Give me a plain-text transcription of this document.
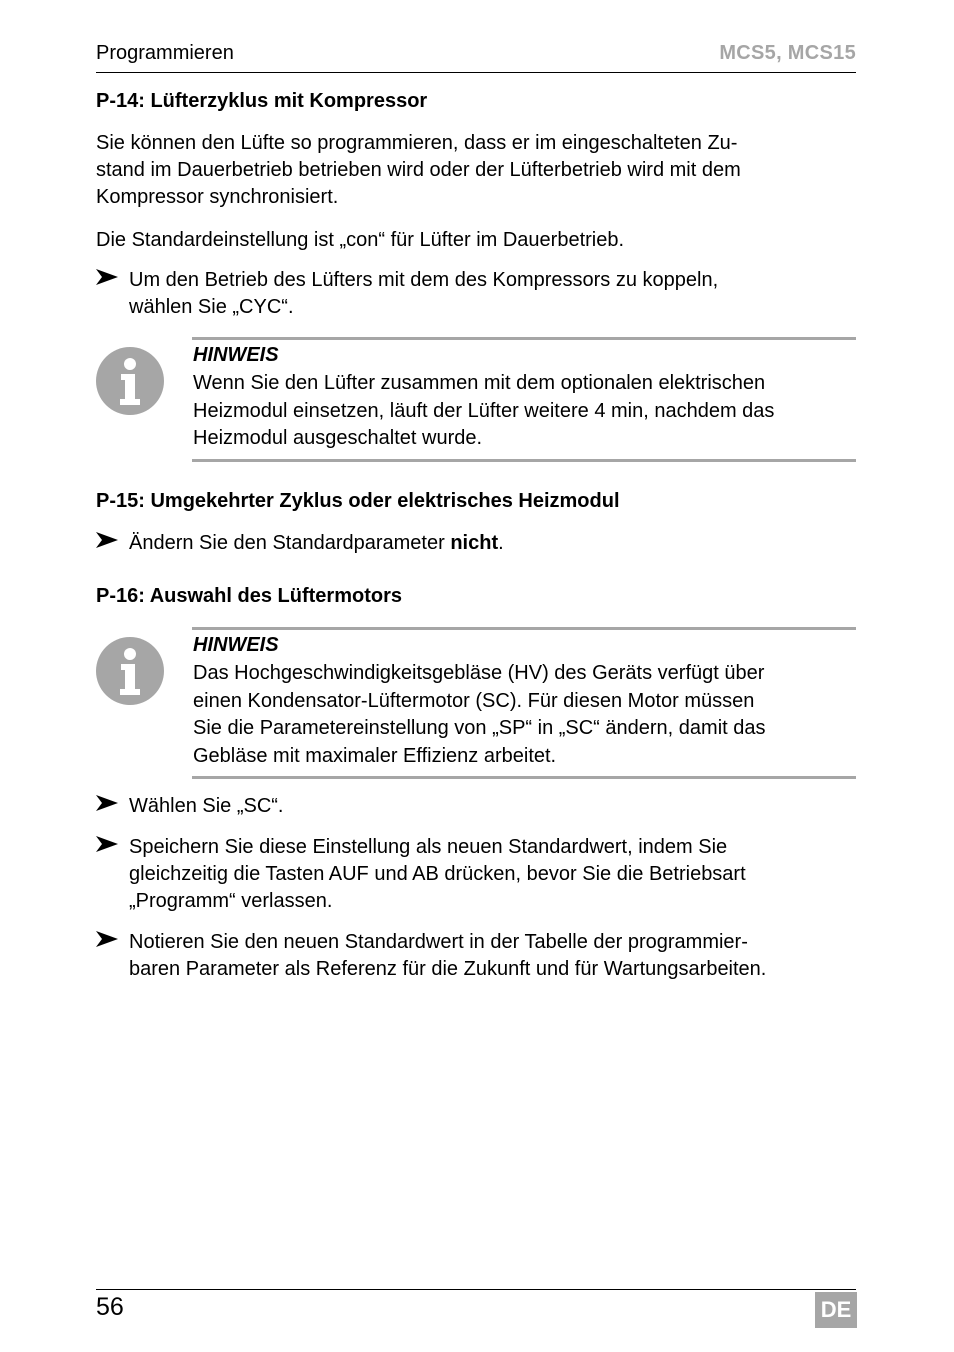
Programmieren	MCS5, MCS15
P-14: Lüfterzyklus mit Kompressor
Sie können den Lüfte so programmieren, dass er im eingeschalteten Zu-
stand im Dauerbetrieb betrieben wird oder der Lüfterbetrieb wird mit dem
Kompressor synchronisiert.
Die Standardeinstellung ist „con“ für Lüfter im Dauerbetrieb.
Um den Betrieb des Lüfters mit dem des Kompressors zu koppeln,
wählen Sie „CYC“.
HINWEIS
Wenn Sie den Lüfter zusammen mit dem optionalen elektrischen
Heizmodul einsetzen, läuft der Lüfter weitere 4 min, nachdem das
Heizmodul ausgeschaltet wurde.
P-15: Umgekehrter Zyklus oder elektrisches Heizmodul
Ändern Sie den Standardparameter nicht.
P-16: Auswahl des Lüftermotors
HINWEIS
Das Hochgeschwindigkeitsgebläse (HV) des Geräts verfügt über
einen Kondensator-Lüftermotor (SC). Für diesen Motor müssen
Sie die Parametereinstellung von „SP“ in „SC“ ändern, damit das
Gebläse mit maximaler Effizienz arbeitet.
Wählen Sie „SC“.
Speichern Sie diese Einstellung als neuen Standardwert, indem Sie
gleichzeitig die Tasten AUF und AB drücken, bevor Sie die Betriebsart
„Programm“ verlassen.
Notieren Sie den neuen Standardwert in der Tabelle der programmier-
baren Parameter als Referenz für die Zukunft und für Wartungsarbeiten.
56	DE
